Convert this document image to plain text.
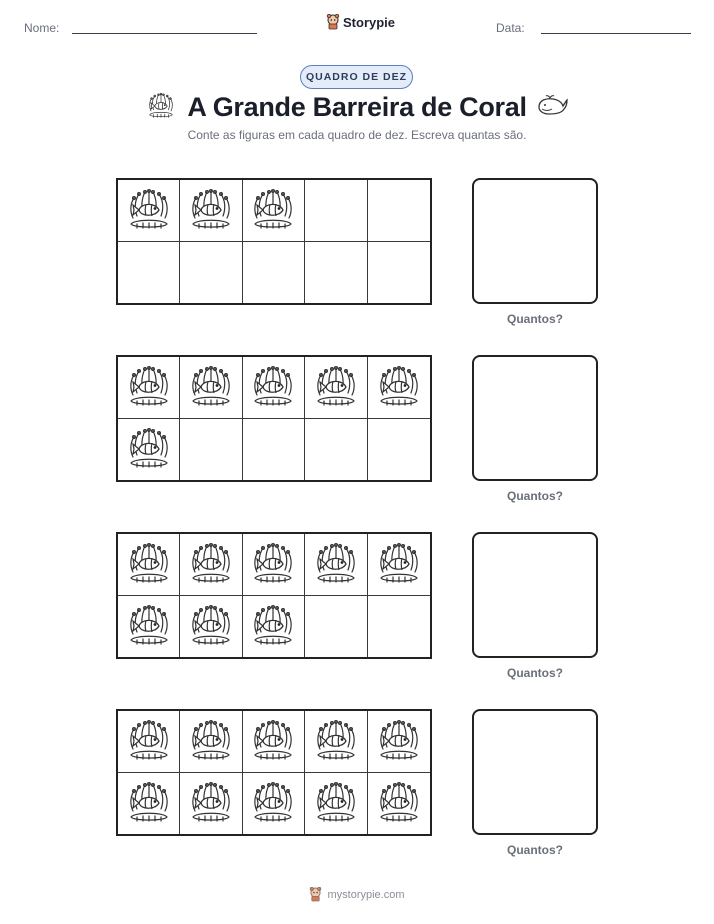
Nome:	Storypie	Data:
QUADRO DE DEZ
A Grande Barreira de Coral
Conte as figuras em cada quadro de dez. Escreva quantas são.
Quantos?
Quantos?
Quantos?
Quantos?
mystorypie.com
